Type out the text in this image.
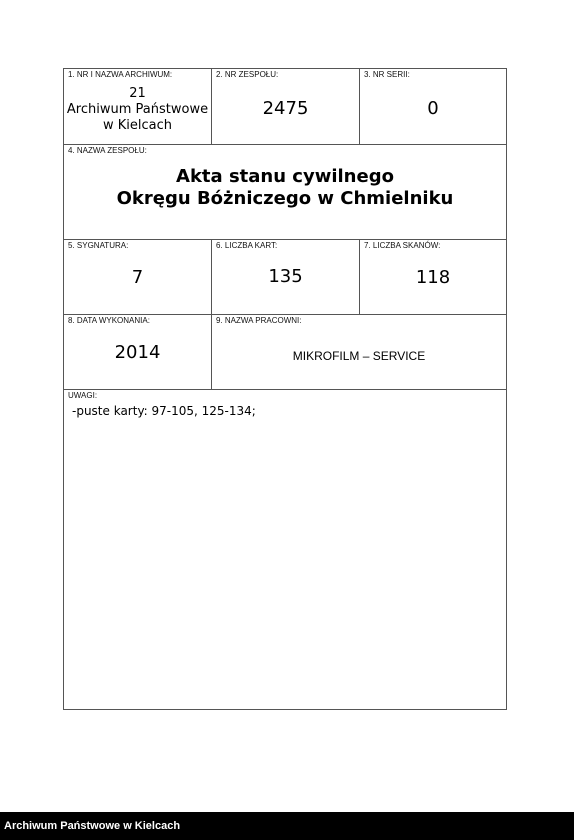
1. NR I NAZWA ARCHIWUM:
21
Archiwum Państwowe
w Kielcach
2. NR ZESPOŁU:
2475
3. NR SERII:
0
4. NAZWA ZESPOŁU:
Akta stanu cywilnego
Okręgu Bóżniczego w Chmielniku
5. SYGNATURA:
7
6. LICZBA KART:
135
7. LICZBA SKANÓW:
118
8. DATA WYKONANIA:
2014
9. NAZWA PRACOWNI:
MIKROFILM – SERVICE
UWAGI:
-puste karty: 97-105, 125-134;
Archiwum Państwowe w Kielcach
